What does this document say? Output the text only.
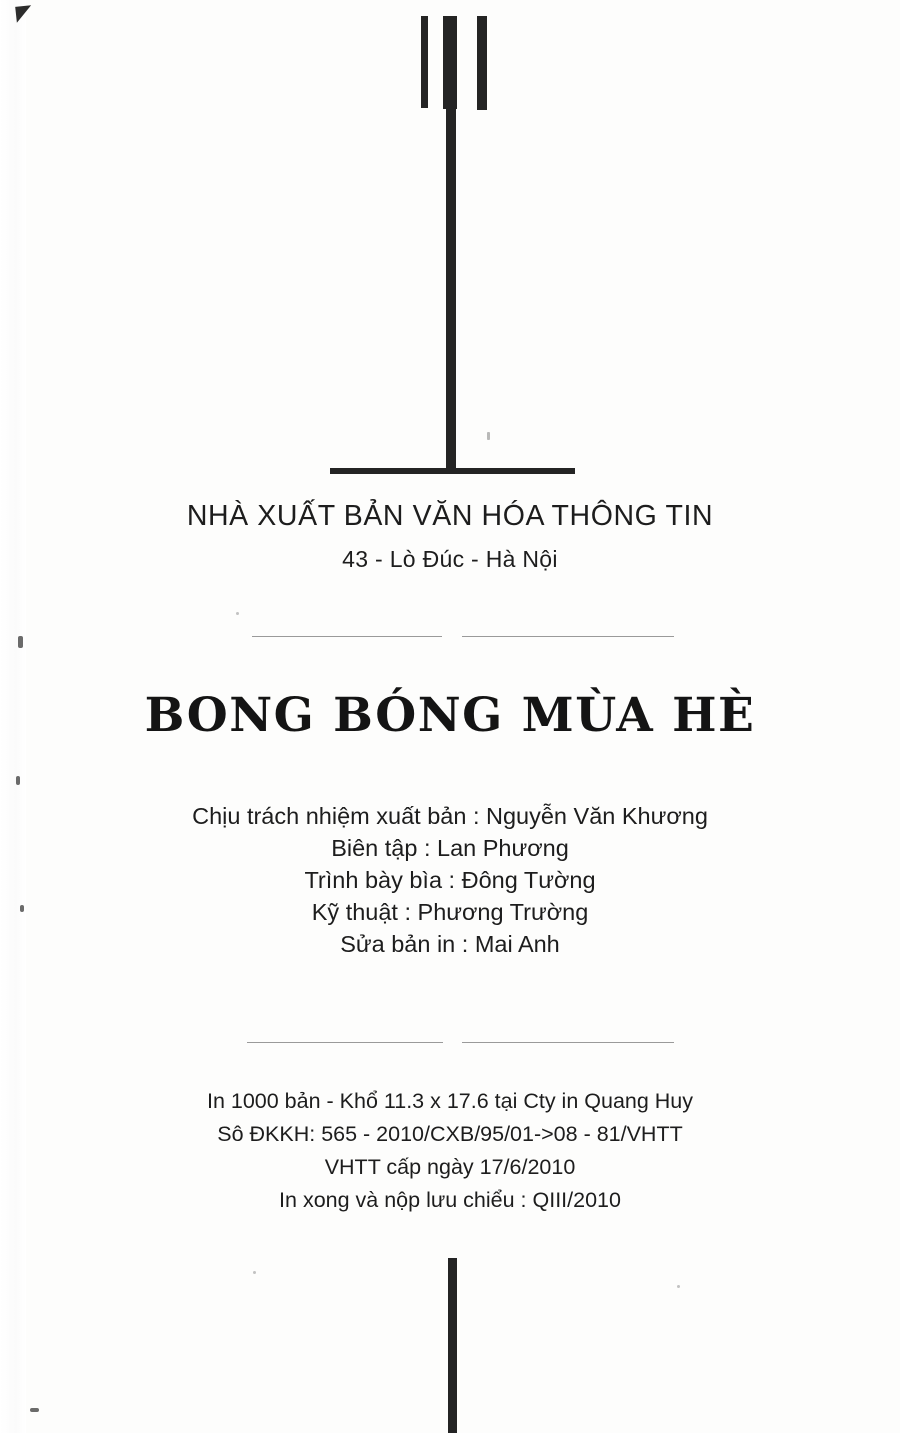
NHÀ XUẤT BẢN VĂN HÓA THÔNG TIN
43 - Lò Đúc - Hà Nội
BONG BÓNG MÙA HÈ
Chịu trách nhiệm xuất bản : Nguyễn Văn Khương
Biên tập : Lan Phương
Trình bày bìa : Đông Tường
Kỹ thuật : Phương Trường
Sửa bản in : Mai Anh
In 1000 bản - Khổ 11.3 x 17.6 tại Cty in Quang Huy
Sô ĐKKH: 565 - 2010/CXB/95/01->08 - 81/VHTT
VHTT cấp ngày 17/6/2010
In xong và nộp lưu chiểu : QIII/2010
